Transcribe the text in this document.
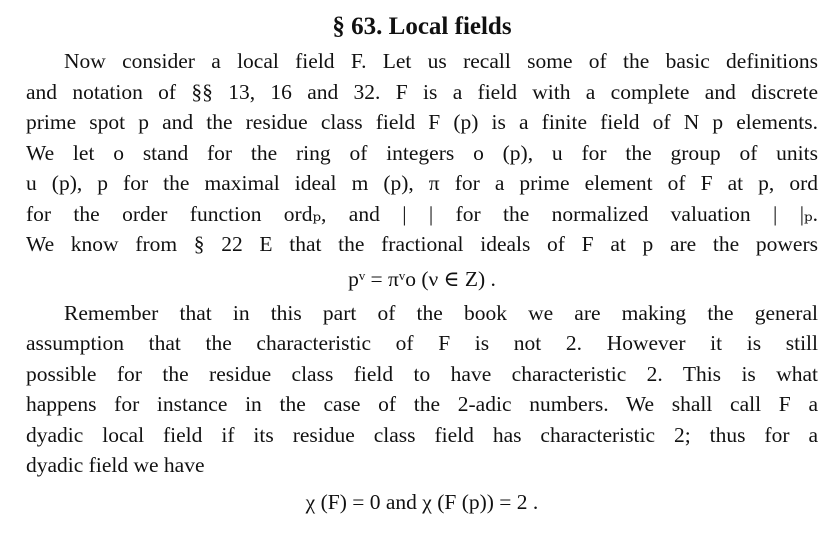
§ 63. Local fields
Now consider a local field F. Let us recall some of the basic definitions
and notation of §§ 13, 16 and 32. F is a field with a complete and discrete
prime spot p and the residue class field F (p) is a finite field of N p elements.
We let o stand for the ring of integers o (p), u for the group of units
u (p), p for the maximal ideal m (p), π for a prime element of F at p, ord
for the order function ordₚ, and | | for the normalized valuation | |ₚ.
We know from § 22 E that the fractional ideals of F at p are the powers
pᵛ = πᵛo (ν ∈ Z) .
Remember that in this part of the book we are making the general
assumption that the characteristic of F is not 2. However it is still
possible for the residue class field to have characteristic 2. This is what
happens for instance in the case of the 2-adic numbers. We shall call F a
dyadic local field if its residue class field has characteristic 2; thus for a
dyadic field we have
χ (F) = 0 and χ (F (p)) = 2 .
